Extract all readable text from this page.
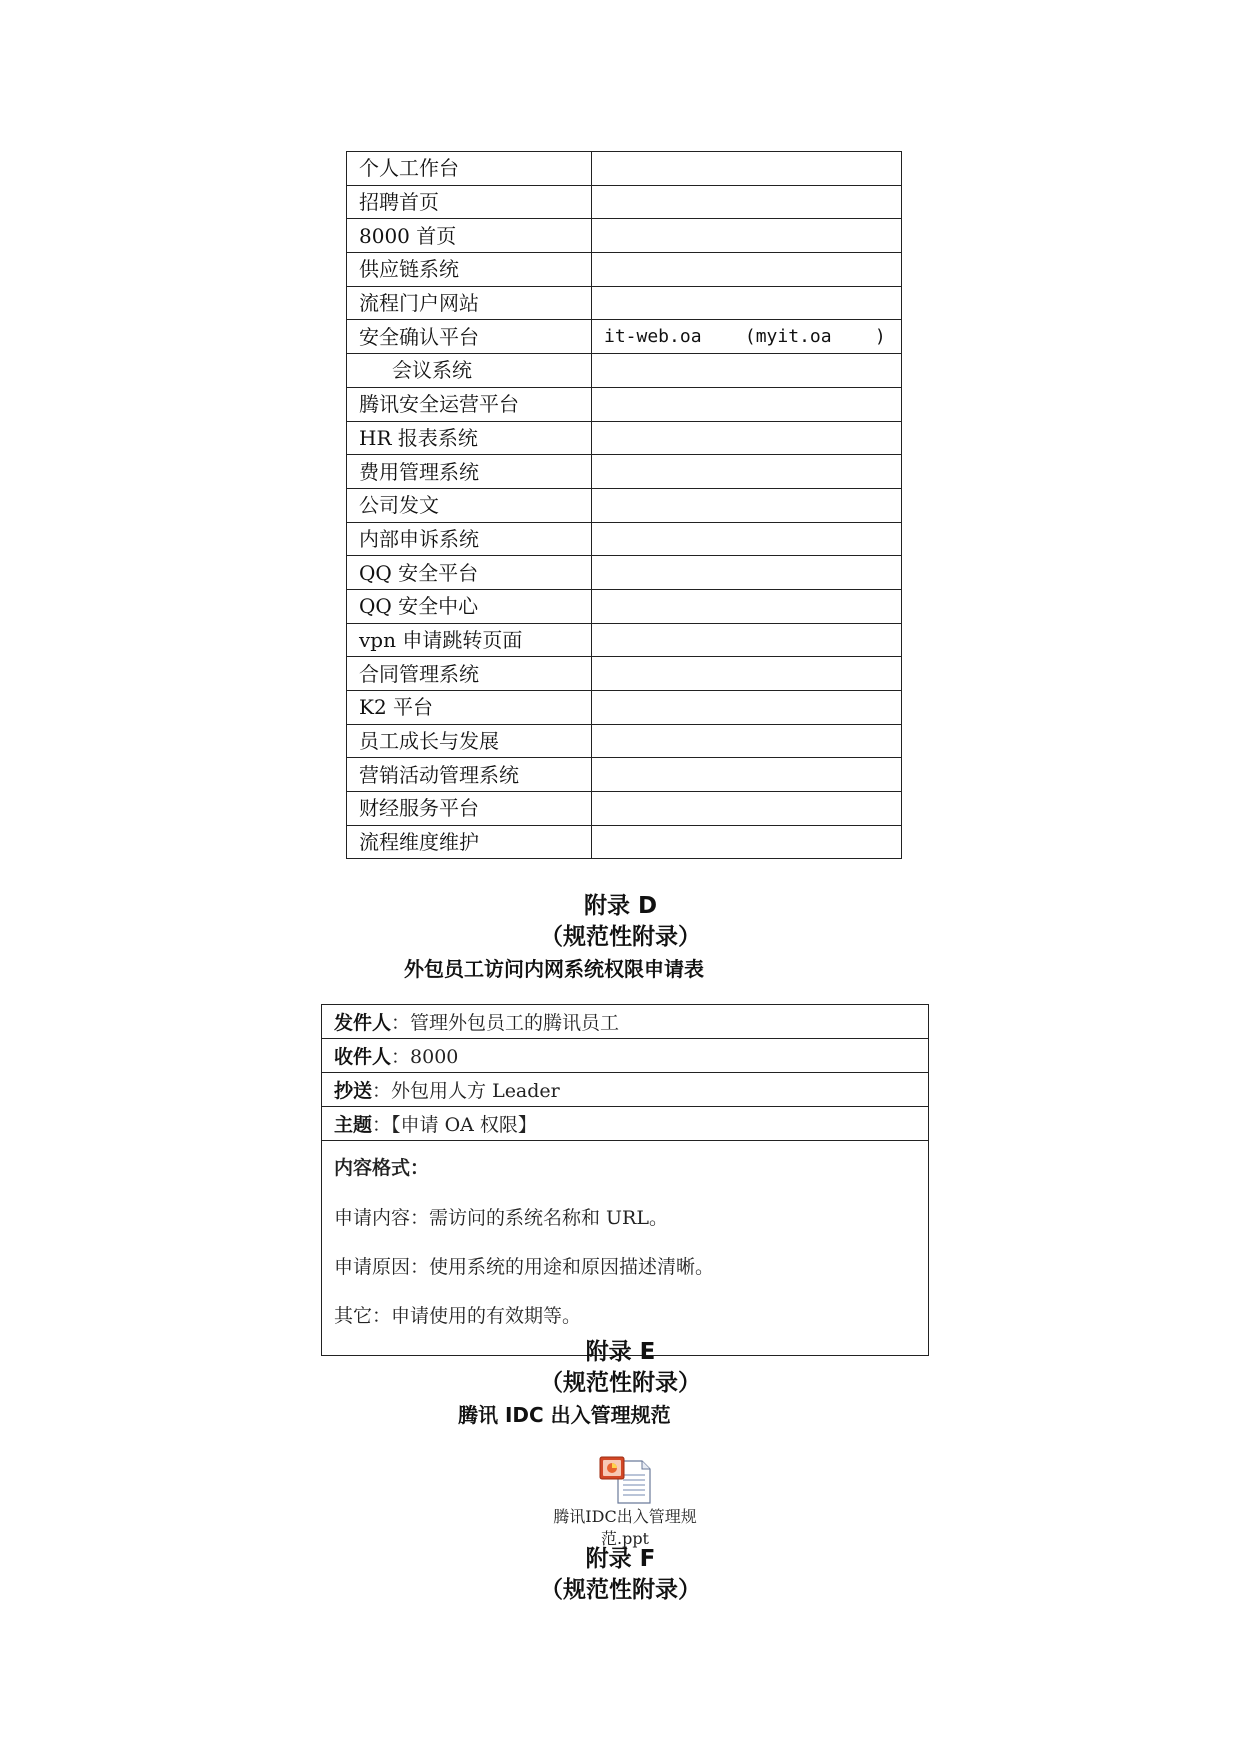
个人工作台	
招聘首页	
8000 首页	
供应链系统	
流程门户网站	
安全确认平台	it-web.oa    (myit.oa    )
会议系统	
腾讯安全运营平台	
HR 报表系统	
费用管理系统	
公司发文	
内部申诉系统	
QQ 安全平台	
QQ 安全中心	
vpn 申请跳转页面	
合同管理系统	
K2 平台	
员工成长与发展	
营销活动管理系统	
财经服务平台	
流程维度维护	
附录 D
（规范性附录）
外包员工访问内网系统权限申请表
发件人：管理外包员工的腾讯员工
收件人：8000
抄送：外包用人方 Leader
主题：【申请 OA 权限】

内容格式：

申请内容：需访问的系统名称和 URL。

申请原因：使用系统的用途和原因描述清晰。

其它：申请使用的有效期等。

附录 E
（规范性附录）
腾讯 IDC 出入管理规范
腾讯IDC出入管理规
范.ppt
附录 F
（规范性附录）
